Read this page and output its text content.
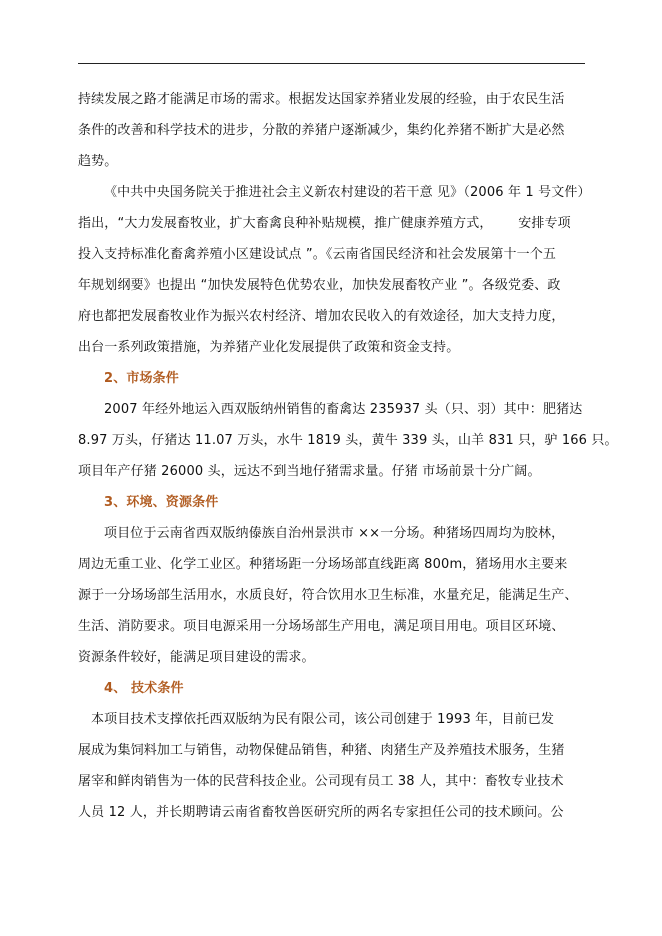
持续发展之路才能满足市场的需求。根据发达国家养猪业发展的经验，由于农民生活
条件的改善和科学技术的进步，分散的养猪户逐渐减少，集约化养猪不断扩大是必然
趋势。
《中共中央国务院关于推进社会主义新农村建设的若干意 见》（2006 年 1 号文件）
指出，“大力发展畜牧业，扩大畜禽良种补贴规模，推广健康养殖方式，      安排专项
投入支持标准化畜禽养殖小区建设试点 ”。《云南省国民经济和社会发展第十一个五
年规划纲要》也提出 “加快发展特色优势农业，加快发展畜牧产业 ”。各级党委、政
府也都把发展畜牧业作为振兴农村经济、增加农民收入的有效途径，加大支持力度，
出台一系列政策措施，为养猪产业化发展提供了政策和资金支持。
2、市场条件
2007 年经外地运入西双版纳州销售的畜禽达 235937 头（只、羽）其中：肥猪达
8.97 万头，仔猪达 11.07 万头，水牛 1819 头，黄牛 339 头，山羊 831 只，驴 166 只。
项目年产仔猪 26000 头，远达不到当地仔猪需求量。仔猪 市场前景十分广阔。
3、环境、资源条件
项目位于云南省西双版纳傣族自治州景洪市 ××一分场。种猪场四周均为胶林，
周边无重工业、化学工业区。种猪场距一分场场部直线距离 800m，猪场用水主要来
源于一分场场部生活用水，水质良好，符合饮用水卫生标准，水量充足，能满足生产、
生活、消防要求。项目电源采用一分场场部生产用电，满足项目用电。项目区环境、
资源条件较好，能满足项目建设的需求。
4、 技术条件
本项目技术支撑依托西双版纳为民有限公司，该公司创建于 1993 年，目前已发
展成为集饲料加工与销售，动物保健品销售，种猪、肉猪生产及养殖技术服务，生猪
屠宰和鲜肉销售为一体的民营科技企业。公司现有员工 38 人，其中：畜牧专业技术
人员 12 人，并长期聘请云南省畜牧兽医研究所的两名专家担任公司的技术顾问。公
